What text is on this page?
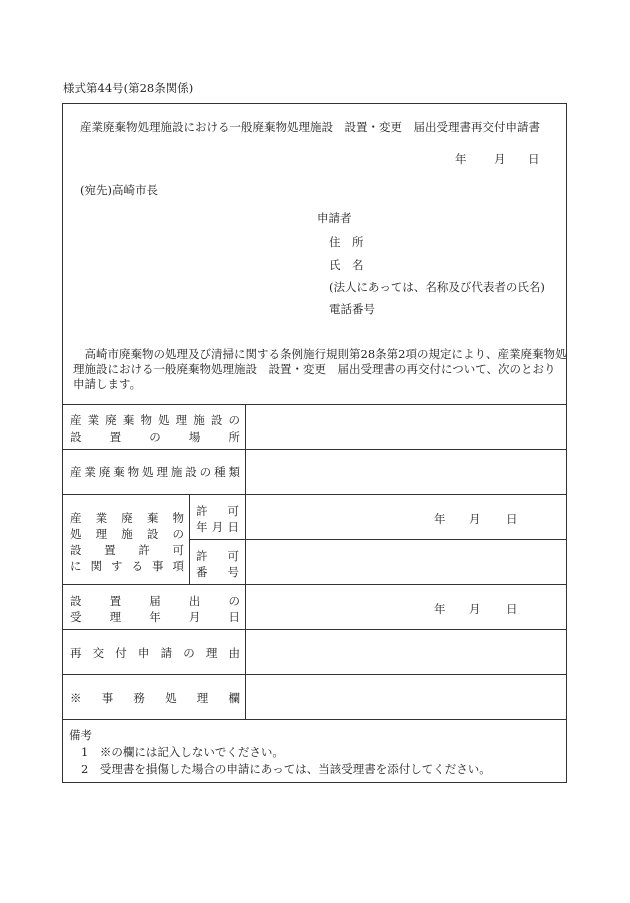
様式第44号(第28条関係)
産業廃棄物処理施設における一般廃棄物処理施設　設置・変更　届出受理書再交付申請書
年 月 日
(宛先)高崎市長
申請者
住　所
氏　名
(法人にあっては、名称及び代表者の氏名)
電話番号
　高崎市廃棄物の処理及び清掃に関する条例施行規則第28条第2項の規定により、産業廃棄物処
理施設における一般廃棄物処理施設　設置・変更　届出受理書の再交付について、次のとおり
申請します。
産業廃棄物処理施設の
設置の場所
産業廃棄物処理施設の種類
産業廃棄物
処理施設の
設置許可
に関する事項
許可
年月日
年 月 日
許可
番号
設置届出の
受理年月日
年 月 日
再交付申請の理由
※事務処理欄
備考
1　※の欄には記入しないでください。
2　受理書を損傷した場合の申請にあっては、当該受理書を添付してください。
